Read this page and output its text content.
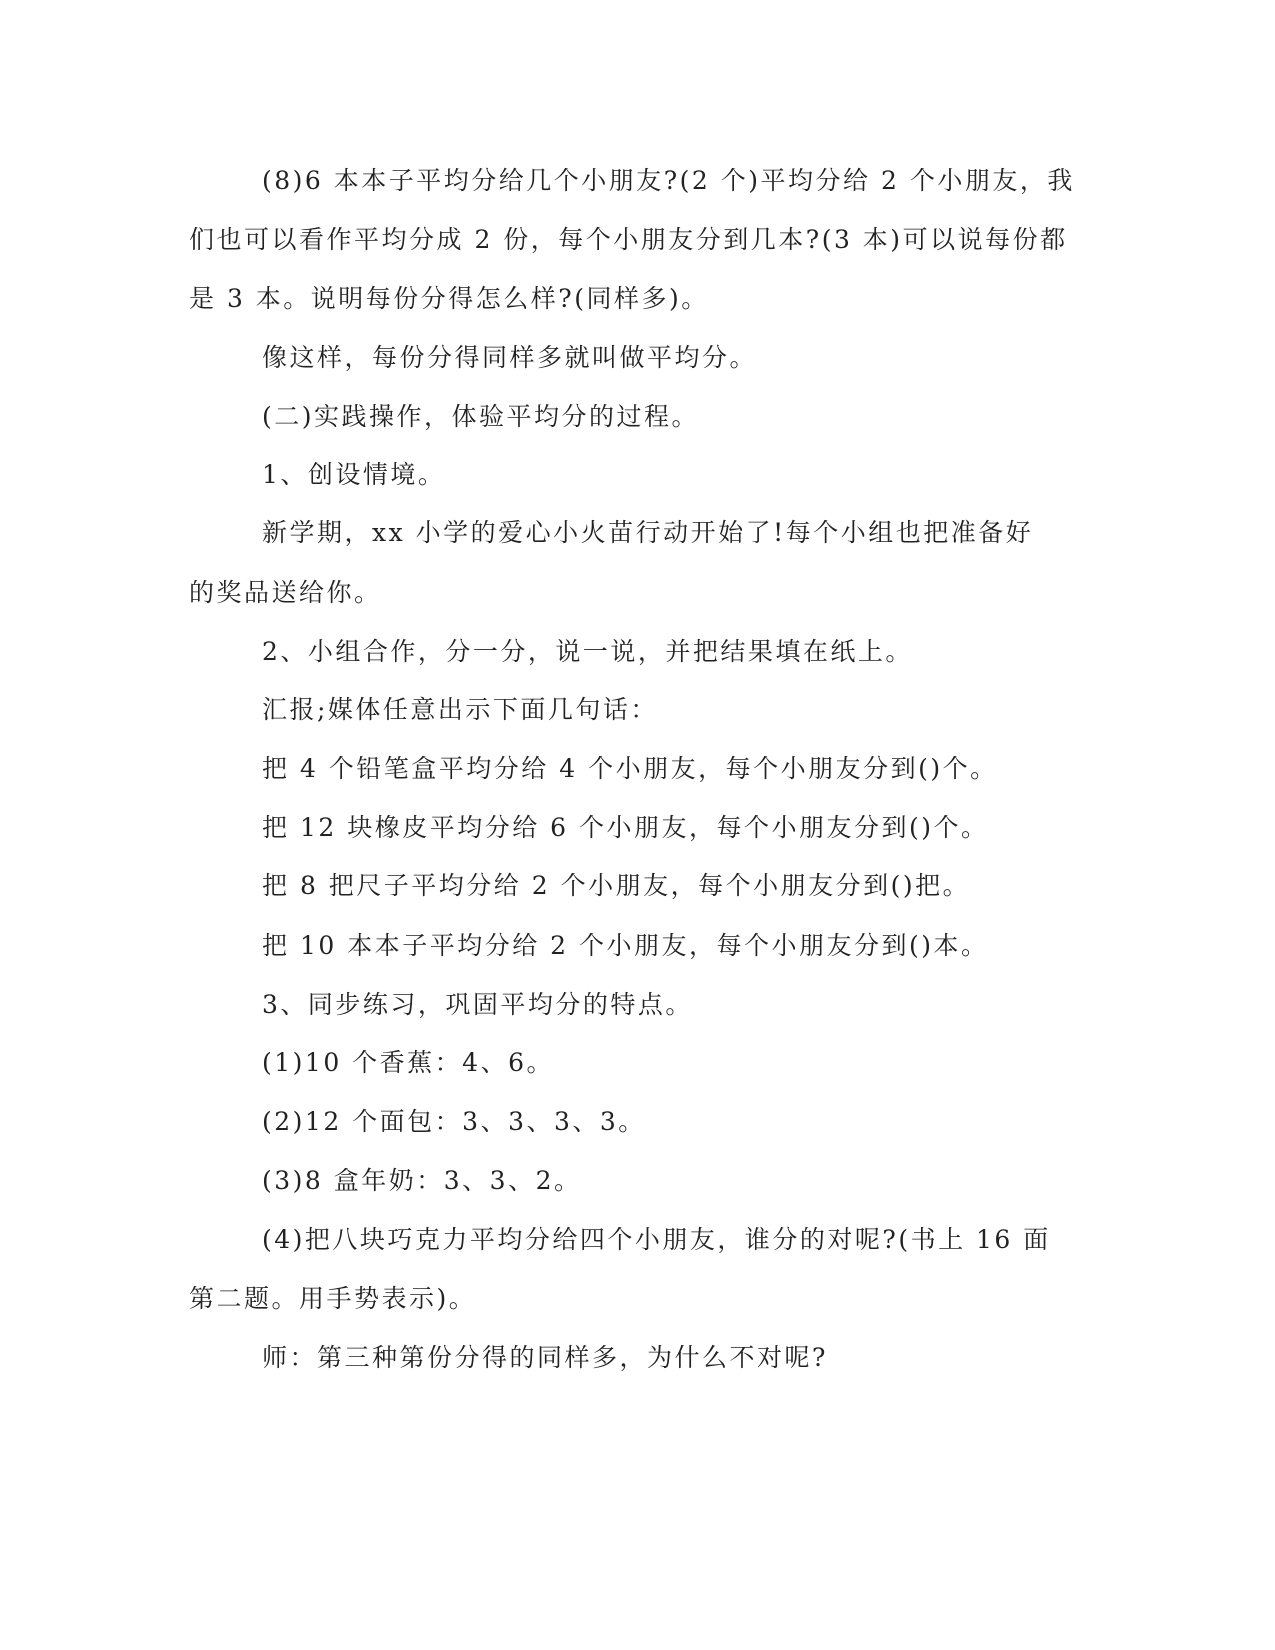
(8)6 本本子平均分给几个小朋友?(2 个)平均分给 2 个小朋友，我
们也可以看作平均分成 2 份，每个小朋友分到几本?(3 本)可以说每份都
是 3 本。说明每份分得怎么样?(同样多)。
像这样，每份分得同样多就叫做平均分。
(二)实践操作，体验平均分的过程。
1、创设情境。
新学期，xx 小学的爱心小火苗行动开始了!每个小组也把准备好
的奖品送给你。
2、小组合作，分一分，说一说，并把结果填在纸上。
汇报;媒体任意出示下面几句话：
把 4 个铅笔盒平均分给 4 个小朋友，每个小朋友分到()个。
把 12 块橡皮平均分给 6 个小朋友，每个小朋友分到()个。
把 8 把尺子平均分给 2 个小朋友，每个小朋友分到()把。
把 10 本本子平均分给 2 个小朋友，每个小朋友分到()本。
3、同步练习，巩固平均分的特点。
(1)10 个香蕉：4、6。
(2)12 个面包：3、3、3、3。
(3)8 盒年奶：3、3、2。
(4)把八块巧克力平均分给四个小朋友，谁分的对呢?(书上 16 面
第二题。用手势表示)。
师：第三种第份分得的同样多，为什么不对呢?
